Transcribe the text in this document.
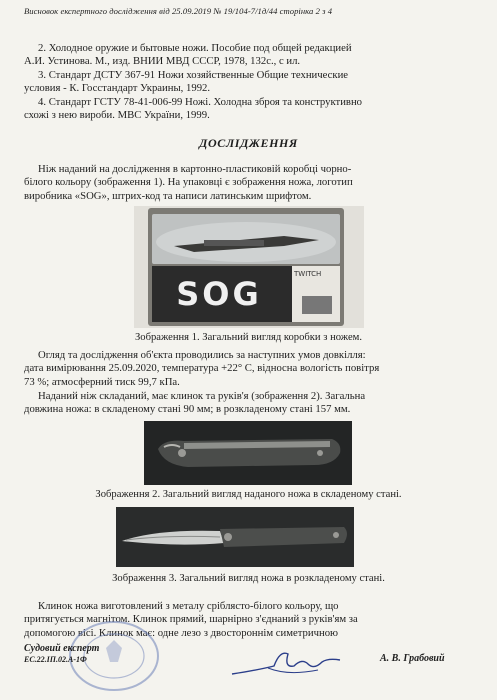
Висновок експертного дослідження від 25.09.2019 № 19/104-7/1д/44 сторінка 2 з 4
2. Холодное оружие и бытовые ножи. Пособие под общей редакцией
А.И. Устинова. М., изд. ВНИИ МВД СССР, 1978, 132с., с ил.
3. Стандарт ДСТУ 367-91 Ножи хозяйственные Общие технические
условия - К. Госстандарт Украины, 1992.
4. Стандарт ГСТУ 78-41-006-99 Ножі. Холодна зброя та конструктивно
схожі з нею вироби. МВС України, 1999.
ДОСЛІДЖЕННЯ
Ніж наданий на дослідження в картонно-пластиковій коробці чорно-
білого кольору (зображення 1). На упаковці є зображення ножа, логотип
виробника «SOG», штрих-код та написи латинським шрифтом.
SOG
TWITCH
Зображення 1. Загальний вигляд коробки з ножем.
Огляд та дослідження об'єкта проводились за наступних умов довкілля:
дата вимірювання 25.09.2020, температура +22° С, відносна вологість повітря
73 %; атмосферний тиск 99,7 кПа.
Наданий ніж складаний, має клинок та руків'я (зображення 2). Загальна
довжина ножа: в складеному стані 90 мм; в розкладеному стані 157 мм.
Зображення 2. Загальний вигляд наданого ножа в складеному стані.
Зображення 3. Загальний вигляд ножа в розкладеному стані.
Клинок ножа виготовлений з металу сріблясто-білого кольору, що
притягується магнітом. Клинок прямий, шарнірно з'єднаний з руків'ям за
допомогою вісі. Клинок має: одне лезо з двостороннім симетричною
Судовий експерт
ЕС.22.ІП.02.А-1Ф	А. В. Грабовий
